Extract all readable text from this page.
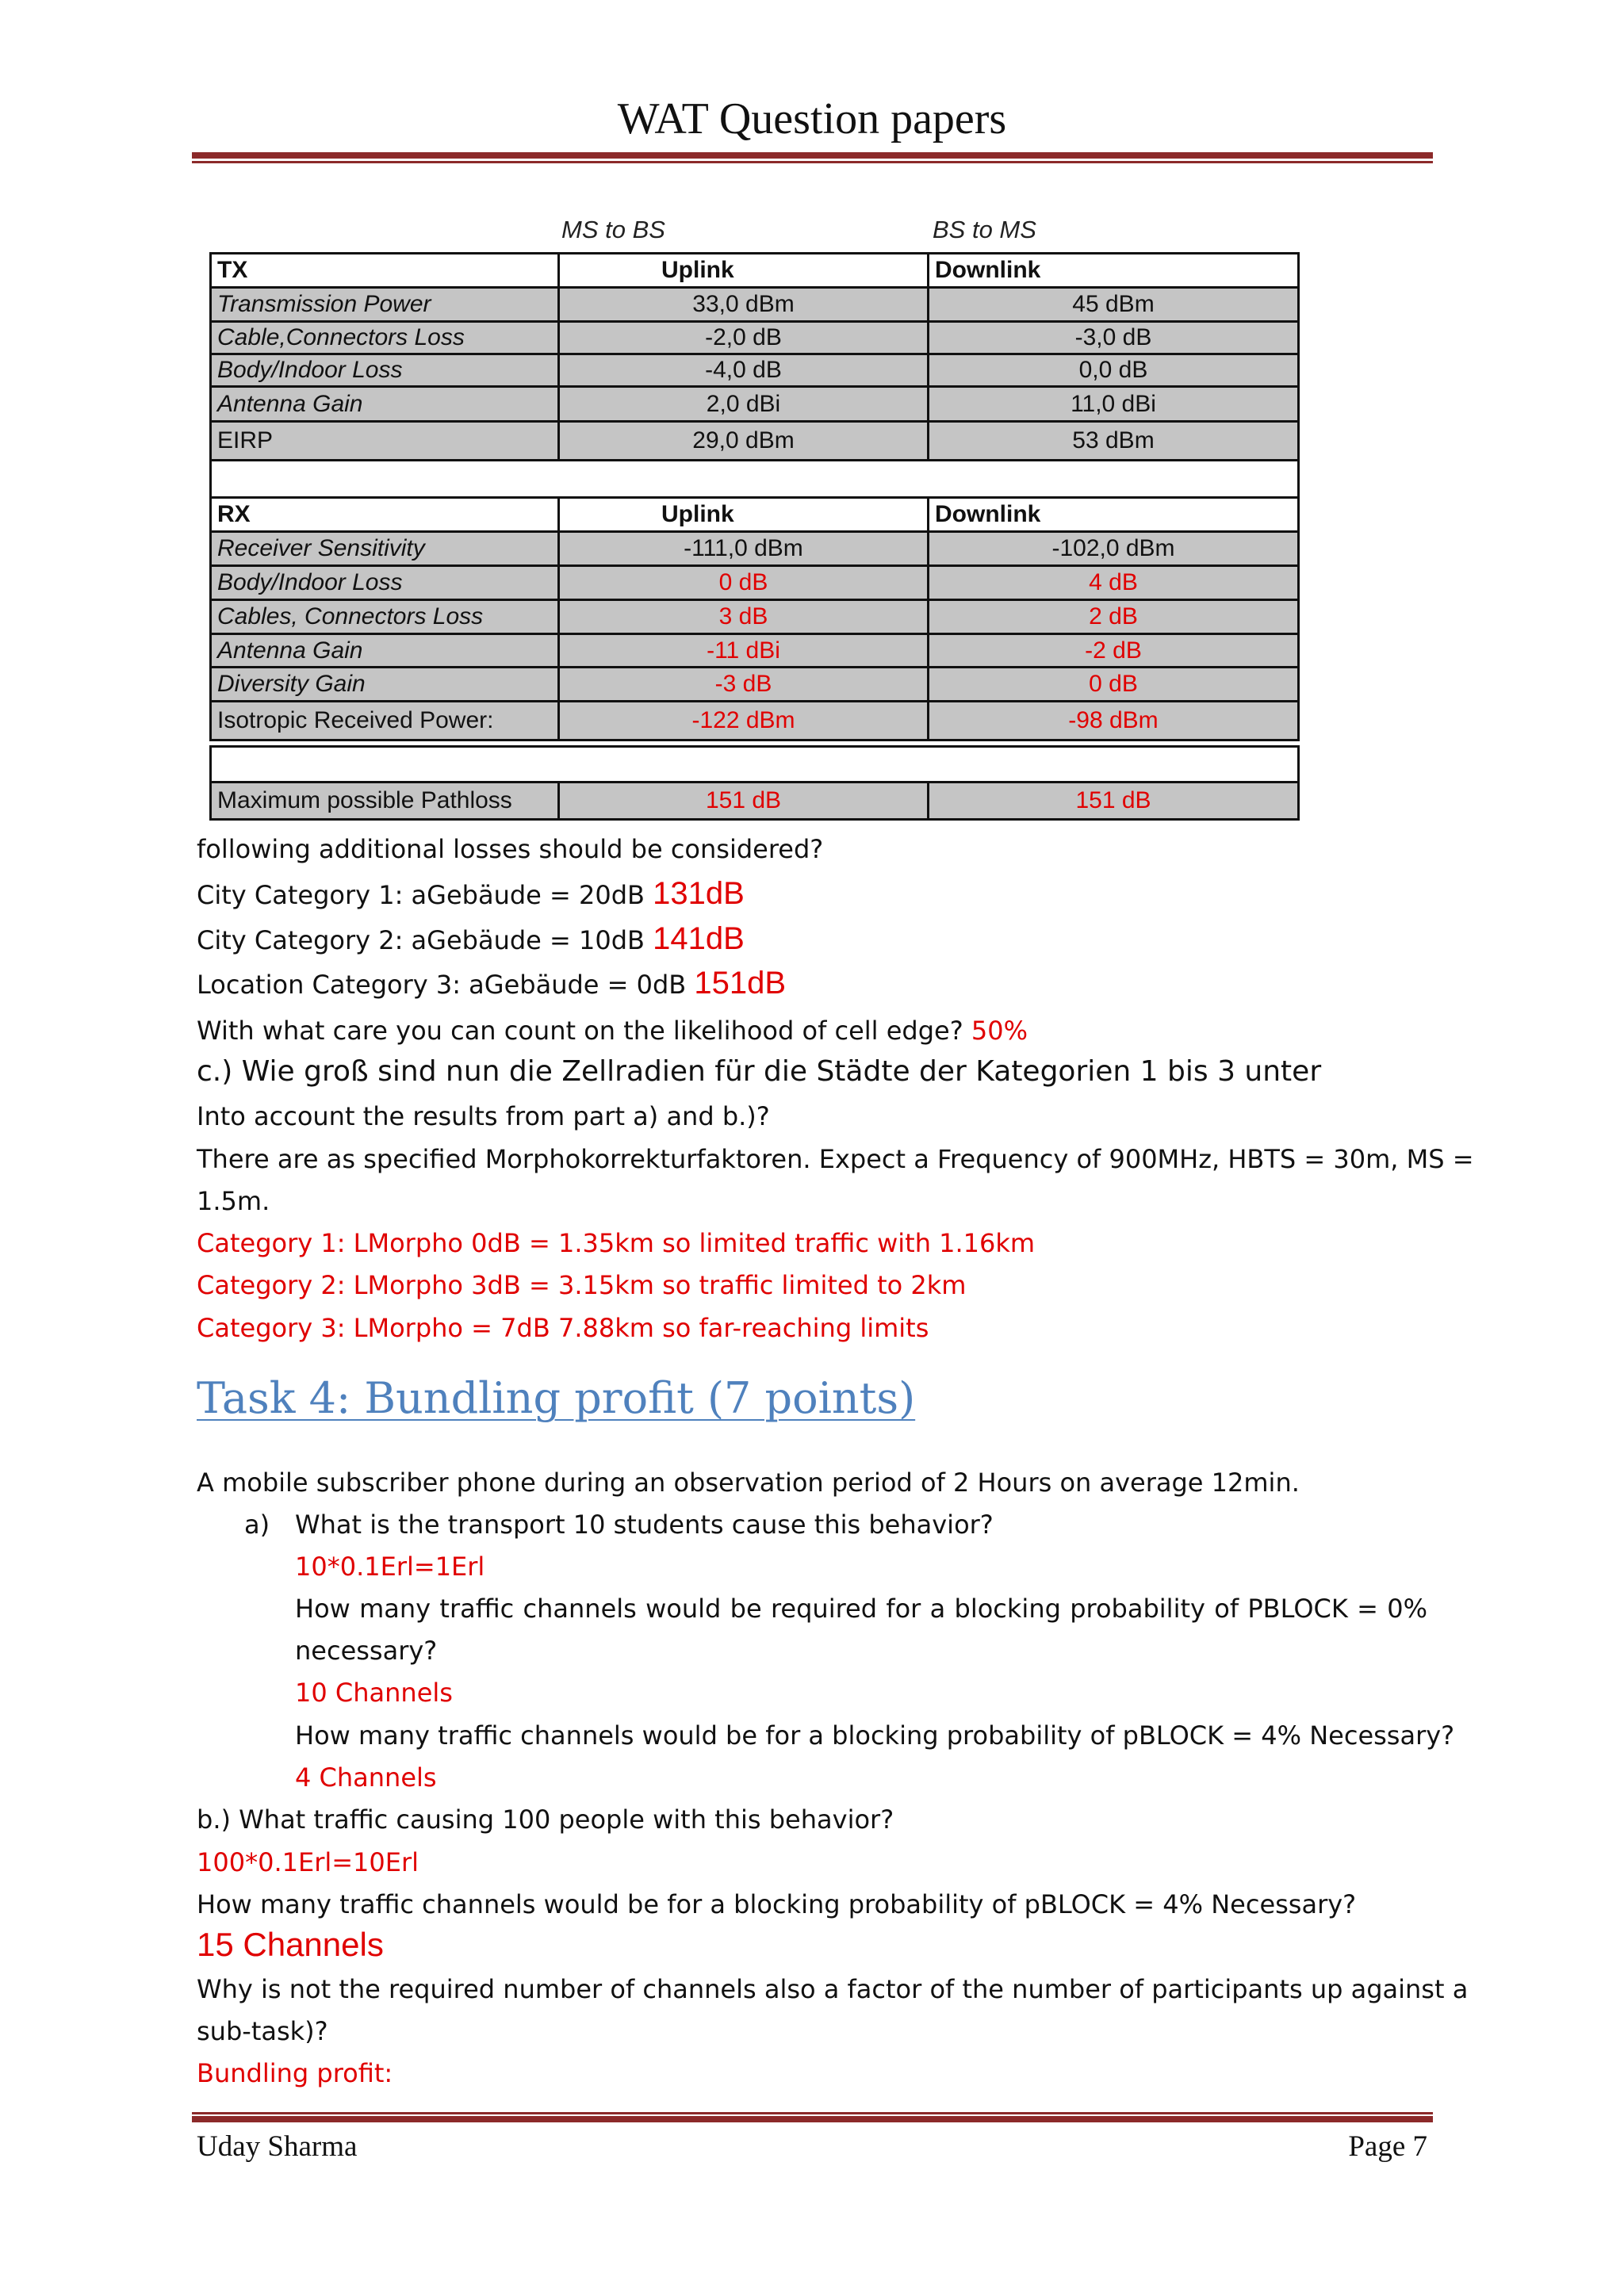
WAT Question papers
MS to BS	BS to MS
TX	Uplink	Downlink
Transmission Power	33,0 dBm	45 dBm
Cable,Connectors Loss	-2,0 dB	-3,0 dB
Body/Indoor Loss	-4,0 dB	0,0 dB
Antenna Gain	2,0 dBi	11,0 dBi
EIRP	29,0 dBm	53 dBm
RX	Uplink	Downlink
Receiver Sensitivity	-111,0 dBm	-102,0 dBm
Body/Indoor Loss	0 dB	4 dB
Cables, Connectors Loss	3 dB	2 dB
Antenna Gain	-11 dBi	-2 dB
Diversity Gain	-3 dB	0 dB
Isotropic Received Power:	-122 dBm	-98 dBm
Maximum possible Pathloss	151 dB	151 dB
following additional losses should be considered?
City Category 1: aGebäude = 20dB 131dB
City Category 2: aGebäude = 10dB 141dB
Location Category 3: aGebäude = 0dB 151dB
With what care you can count on the likelihood of cell edge? 50%
c.) Wie groß sind nun die Zellradien für die Städte der Kategorien 1 bis 3 unter
Into account the results from part a) and b.)?
There are as specified Morphokorrekturfaktoren. Expect a Frequency of 900MHz, HBTS = 30m, MS =
1.5m.
Category 1: LMorpho 0dB = 1.35km so limited traffic with 1.16km
Category 2: LMorpho 3dB = 3.15km so traffic limited to 2km
Category 3: LMorpho = 7dB 7.88km so far-reaching limits
Task 4: Bundling profit (7 points)
A mobile subscriber phone during an observation period of 2 Hours on average 12min.
a) What is the transport 10 students cause this behavior?
10*0.1Erl=1Erl
How many traffic channels would be required for a blocking probability of PBLOCK = 0%
necessary?
10 Channels
How many traffic channels would be for a blocking probability of pBLOCK = 4% Necessary?
4 Channels
b.) What traffic causing 100 people with this behavior?
100*0.1Erl=10Erl
How many traffic channels would be for a blocking probability of pBLOCK = 4% Necessary?
15 Channels
Why is not the required number of channels also a factor of the number of participants up against a
sub-task)?
Bundling profit:
Uday Sharma	Page 7
